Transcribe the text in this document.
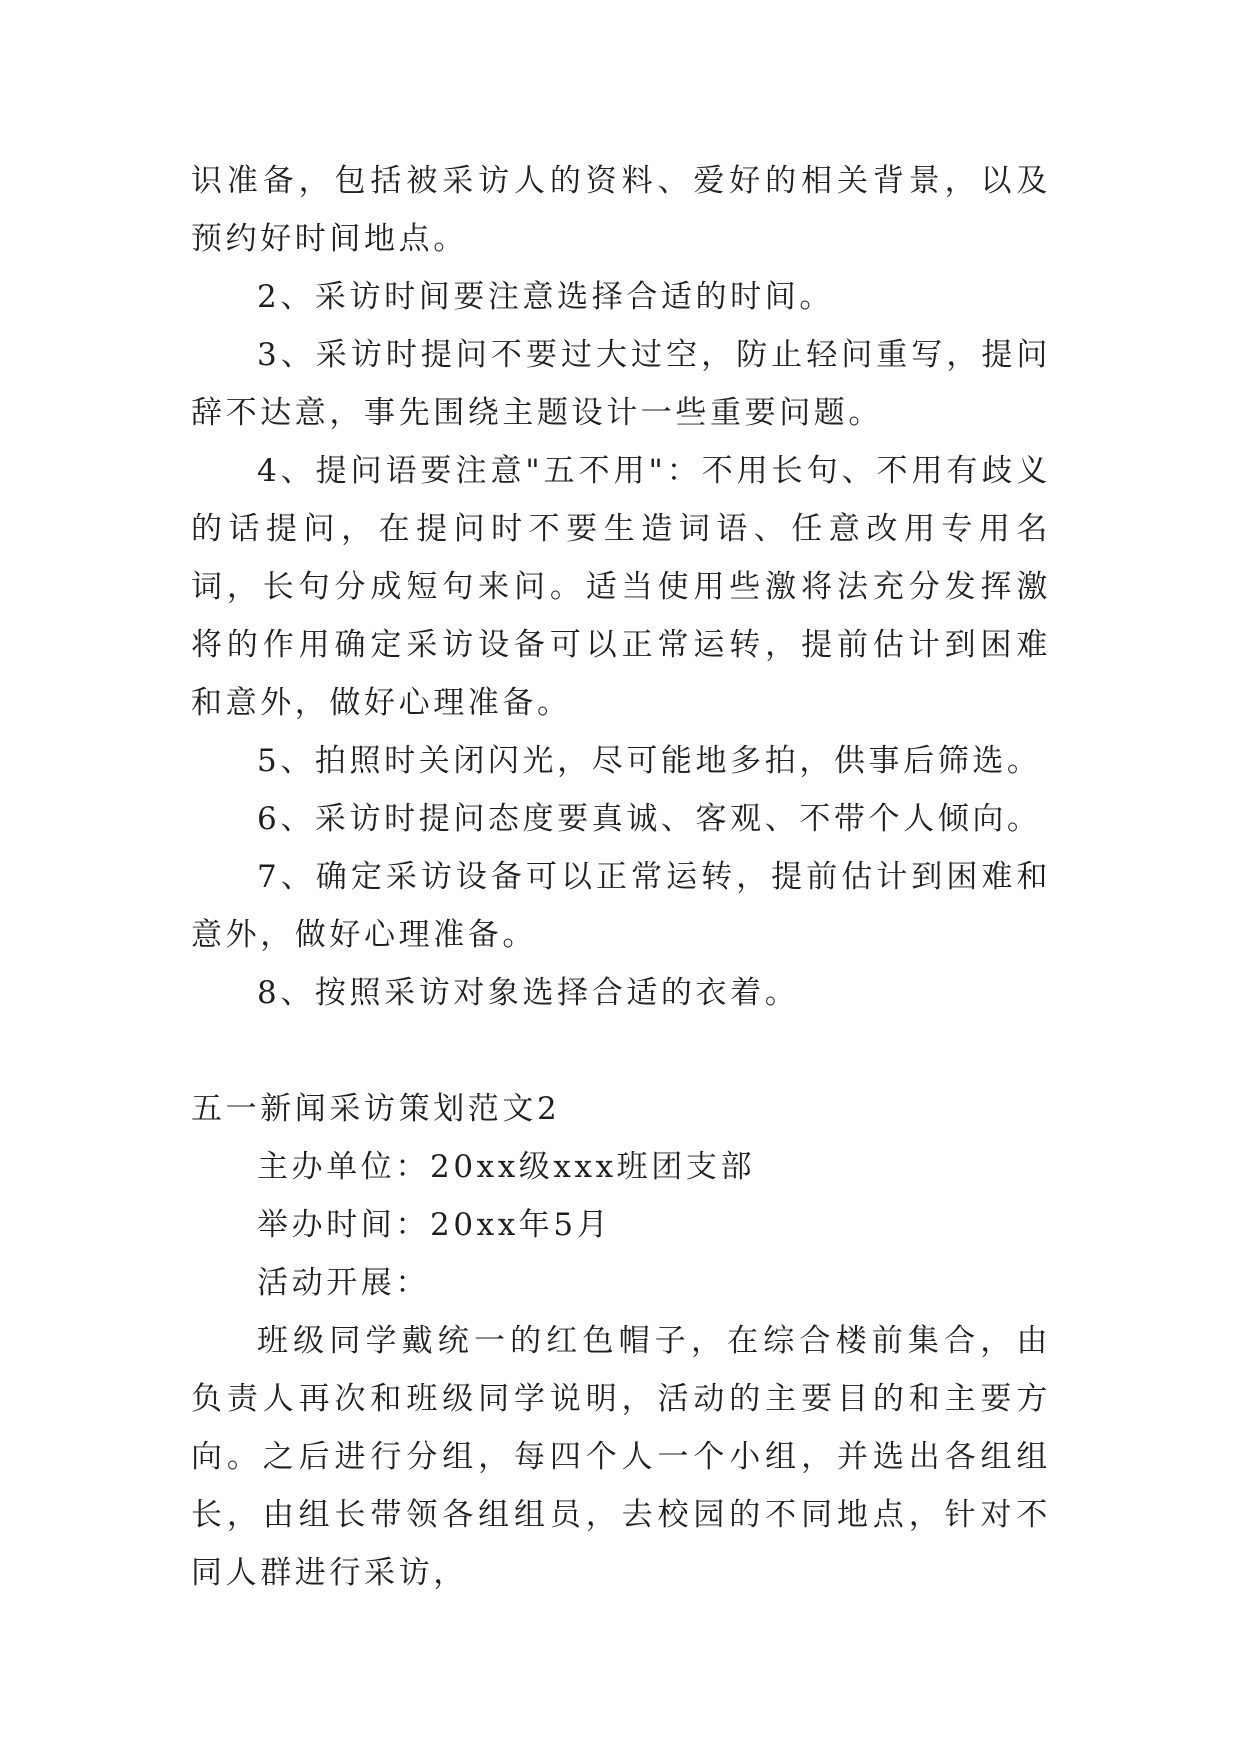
识准备，包括被采访人的资料、爱好的相关背景，以及预约好时间地点。

2、采访时间要注意选择合适的时间。

3、采访时提问不要过大过空，防止轻问重写，提问辞不达意，事先围绕主题设计一些重要问题。

4、提问语要注意"五不用"：不用长句、不用有歧义的话提问，在提问时不要生造词语、任意改用专用名词，长句分成短句来问。适当使用些激将法充分发挥激将的作用确定采访设备可以正常运转，提前估计到困难和意外，做好心理准备。

5、拍照时关闭闪光，尽可能地多拍，供事后筛选。

6、采访时提问态度要真诚、客观、不带个人倾向。

7、确定采访设备可以正常运转，提前估计到困难和意外，做好心理准备。

8、按照采访对象选择合适的衣着。

五一新闻采访策划范文2

主办单位：20xx级xxx班团支部

举办时间：20xx年5月

活动开展：

班级同学戴统一的红色帽子，在综合楼前集合，由负责人再次和班级同学说明，活动的主要目的和主要方向。之后进行分组，每四个人一个小组，并选出各组组长，由组长带领各组组员，去校园的不同地点，针对不同人群进行采访，
